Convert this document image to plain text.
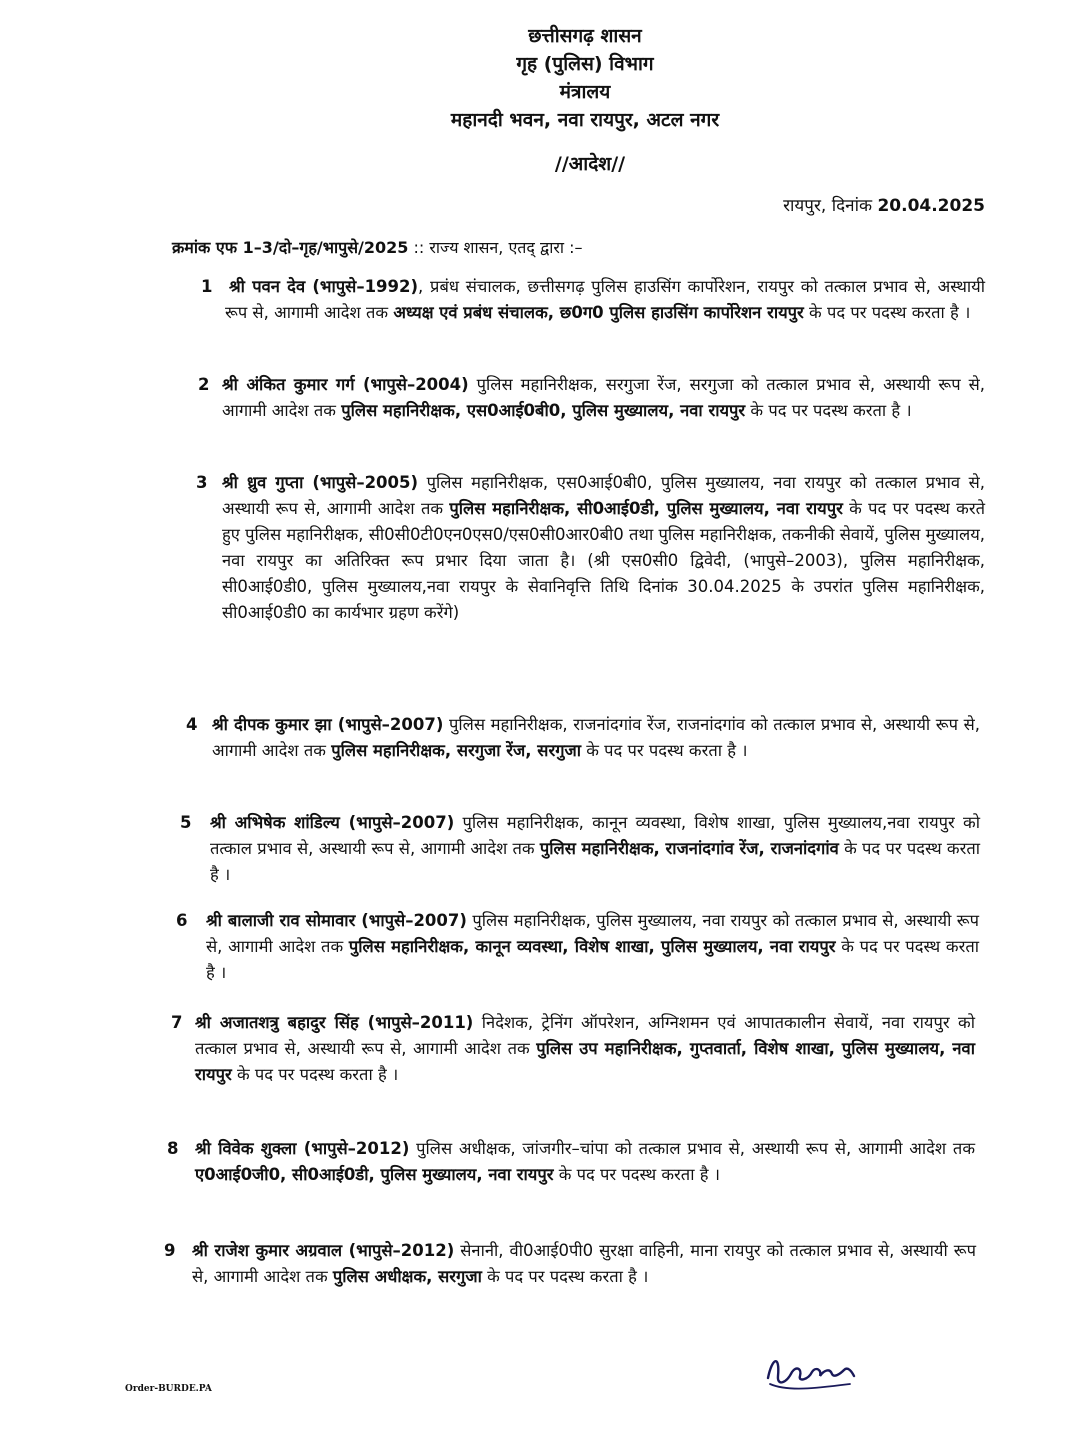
छत्तीसगढ़ शासन
गृह (पुलिस) विभाग
मंत्रालय
महानदी भवन, नवा रायपुर, अटल नगर
//आदेश//
रायपुर, दिनांक 20.04.2025
क्रमांक एफ 1–3/दो–गृह/भापुसे/2025 :: राज्य शासन, एतद् द्वारा :–
1 श्री पवन देव (भापुसे–1992), प्रबंध संचालक, छत्तीसगढ़ पुलिस हाउसिंग कार्पोरेशन, रायपुर को तत्काल प्रभाव से, अस्थायी रूप से, आगामी आदेश तक अध्यक्ष एवं प्रबंध संचालक, छ0ग0 पुलिस हाउसिंग कार्पोरेशन रायपुर के पद पर पदस्थ करता है ।
2 श्री अंकित कुमार गर्ग (भापुसे–2004) पुलिस महानिरीक्षक, सरगुजा रेंज, सरगुजा को तत्काल प्रभाव से, अस्थायी रूप से, आगामी आदेश तक पुलिस महानिरीक्षक, एस0आई0बी0, पुलिस मुख्यालय, नवा रायपुर के पद पर पदस्थ करता है ।
3 श्री ध्रुव गुप्ता (भापुसे–2005) पुलिस महानिरीक्षक, एस0आई0बी0, पुलिस मुख्यालय, नवा रायपुर को तत्काल प्रभाव से, अस्थायी रूप से, आगामी आदेश तक पुलिस महानिरीक्षक, सी0आई0डी, पुलिस मुख्यालय, नवा रायपुर के पद पर पदस्थ करते हुए पुलिस महानिरीक्षक, सी0सी0टी0एन0एस0/एस0सी0आर0बी0 तथा पुलिस महानिरीक्षक, तकनीकी सेवायें, पुलिस मुख्यालय, नवा रायपुर का अतिरिक्त रूप प्रभार दिया जाता है। (श्री एस0सी0 द्विवेदी, (भापुसे–2003), पुलिस महानिरीक्षक, सी0आई0डी0, पुलिस मुख्यालय,नवा रायपुर के सेवानिवृत्ति तिथि दिनांक 30.04.2025 के उपरांत पुलिस महानिरीक्षक, सी0आई0डी0 का कार्यभार ग्रहण करेंगे)
4 श्री दीपक कुमार झा (भापुसे–2007) पुलिस महानिरीक्षक, राजनांदगांव रेंज, राजनांदगांव को तत्काल प्रभाव से, अस्थायी रूप से, आगामी आदेश तक पुलिस महानिरीक्षक, सरगुजा रेंज, सरगुजा के पद पर पदस्थ करता है ।
5 श्री अभिषेक शांडिल्य (भापुसे–2007) पुलिस महानिरीक्षक, कानून व्यवस्था, विशेष शाखा, पुलिस मुख्यालय,नवा रायपुर को तत्काल प्रभाव से, अस्थायी रूप से, आगामी आदेश तक पुलिस महानिरीक्षक, राजनांदगांव रेंज, राजनांदगांव के पद पर पदस्थ करता है ।
6 श्री बालाजी राव सोमावार (भापुसे–2007) पुलिस महानिरीक्षक, पुलिस मुख्यालय, नवा रायपुर को तत्काल प्रभाव से, अस्थायी रूप से, आगामी आदेश तक पुलिस महानिरीक्षक, कानून व्यवस्था, विशेष शाखा, पुलिस मुख्यालय, नवा रायपुर के पद पर पदस्थ करता है ।
7 श्री अजातशत्रु बहादुर सिंह (भापुसे–2011) निदेशक, ट्रेनिंग ऑपरेशन, अग्निशमन एवं आपातकालीन सेवायें, नवा रायपुर को तत्काल प्रभाव से, अस्थायी रूप से, आगामी आदेश तक पुलिस उप महानिरीक्षक, गुप्तवार्ता, विशेष शाखा, पुलिस मुख्यालय, नवा रायपुर के पद पर पदस्थ करता है ।
8 श्री विवेक शुक्ला (भापुसे–2012) पुलिस अधीक्षक, जांजगीर–चांपा को तत्काल प्रभाव से, अस्थायी रूप से, आगामी आदेश तक ए0आई0जी0, सी0आई0डी, पुलिस मुख्यालय, नवा रायपुर के पद पर पदस्थ करता है ।
9 श्री राजेश कुमार अग्रवाल (भापुसे–2012) सेनानी, वी0आई0पी0 सुरक्षा वाहिनी, माना रायपुर को तत्काल प्रभाव से, अस्थायी रूप से, आगामी आदेश तक पुलिस अधीक्षक, सरगुजा के पद पर पदस्थ करता है ।
Order-BURDE.PA
